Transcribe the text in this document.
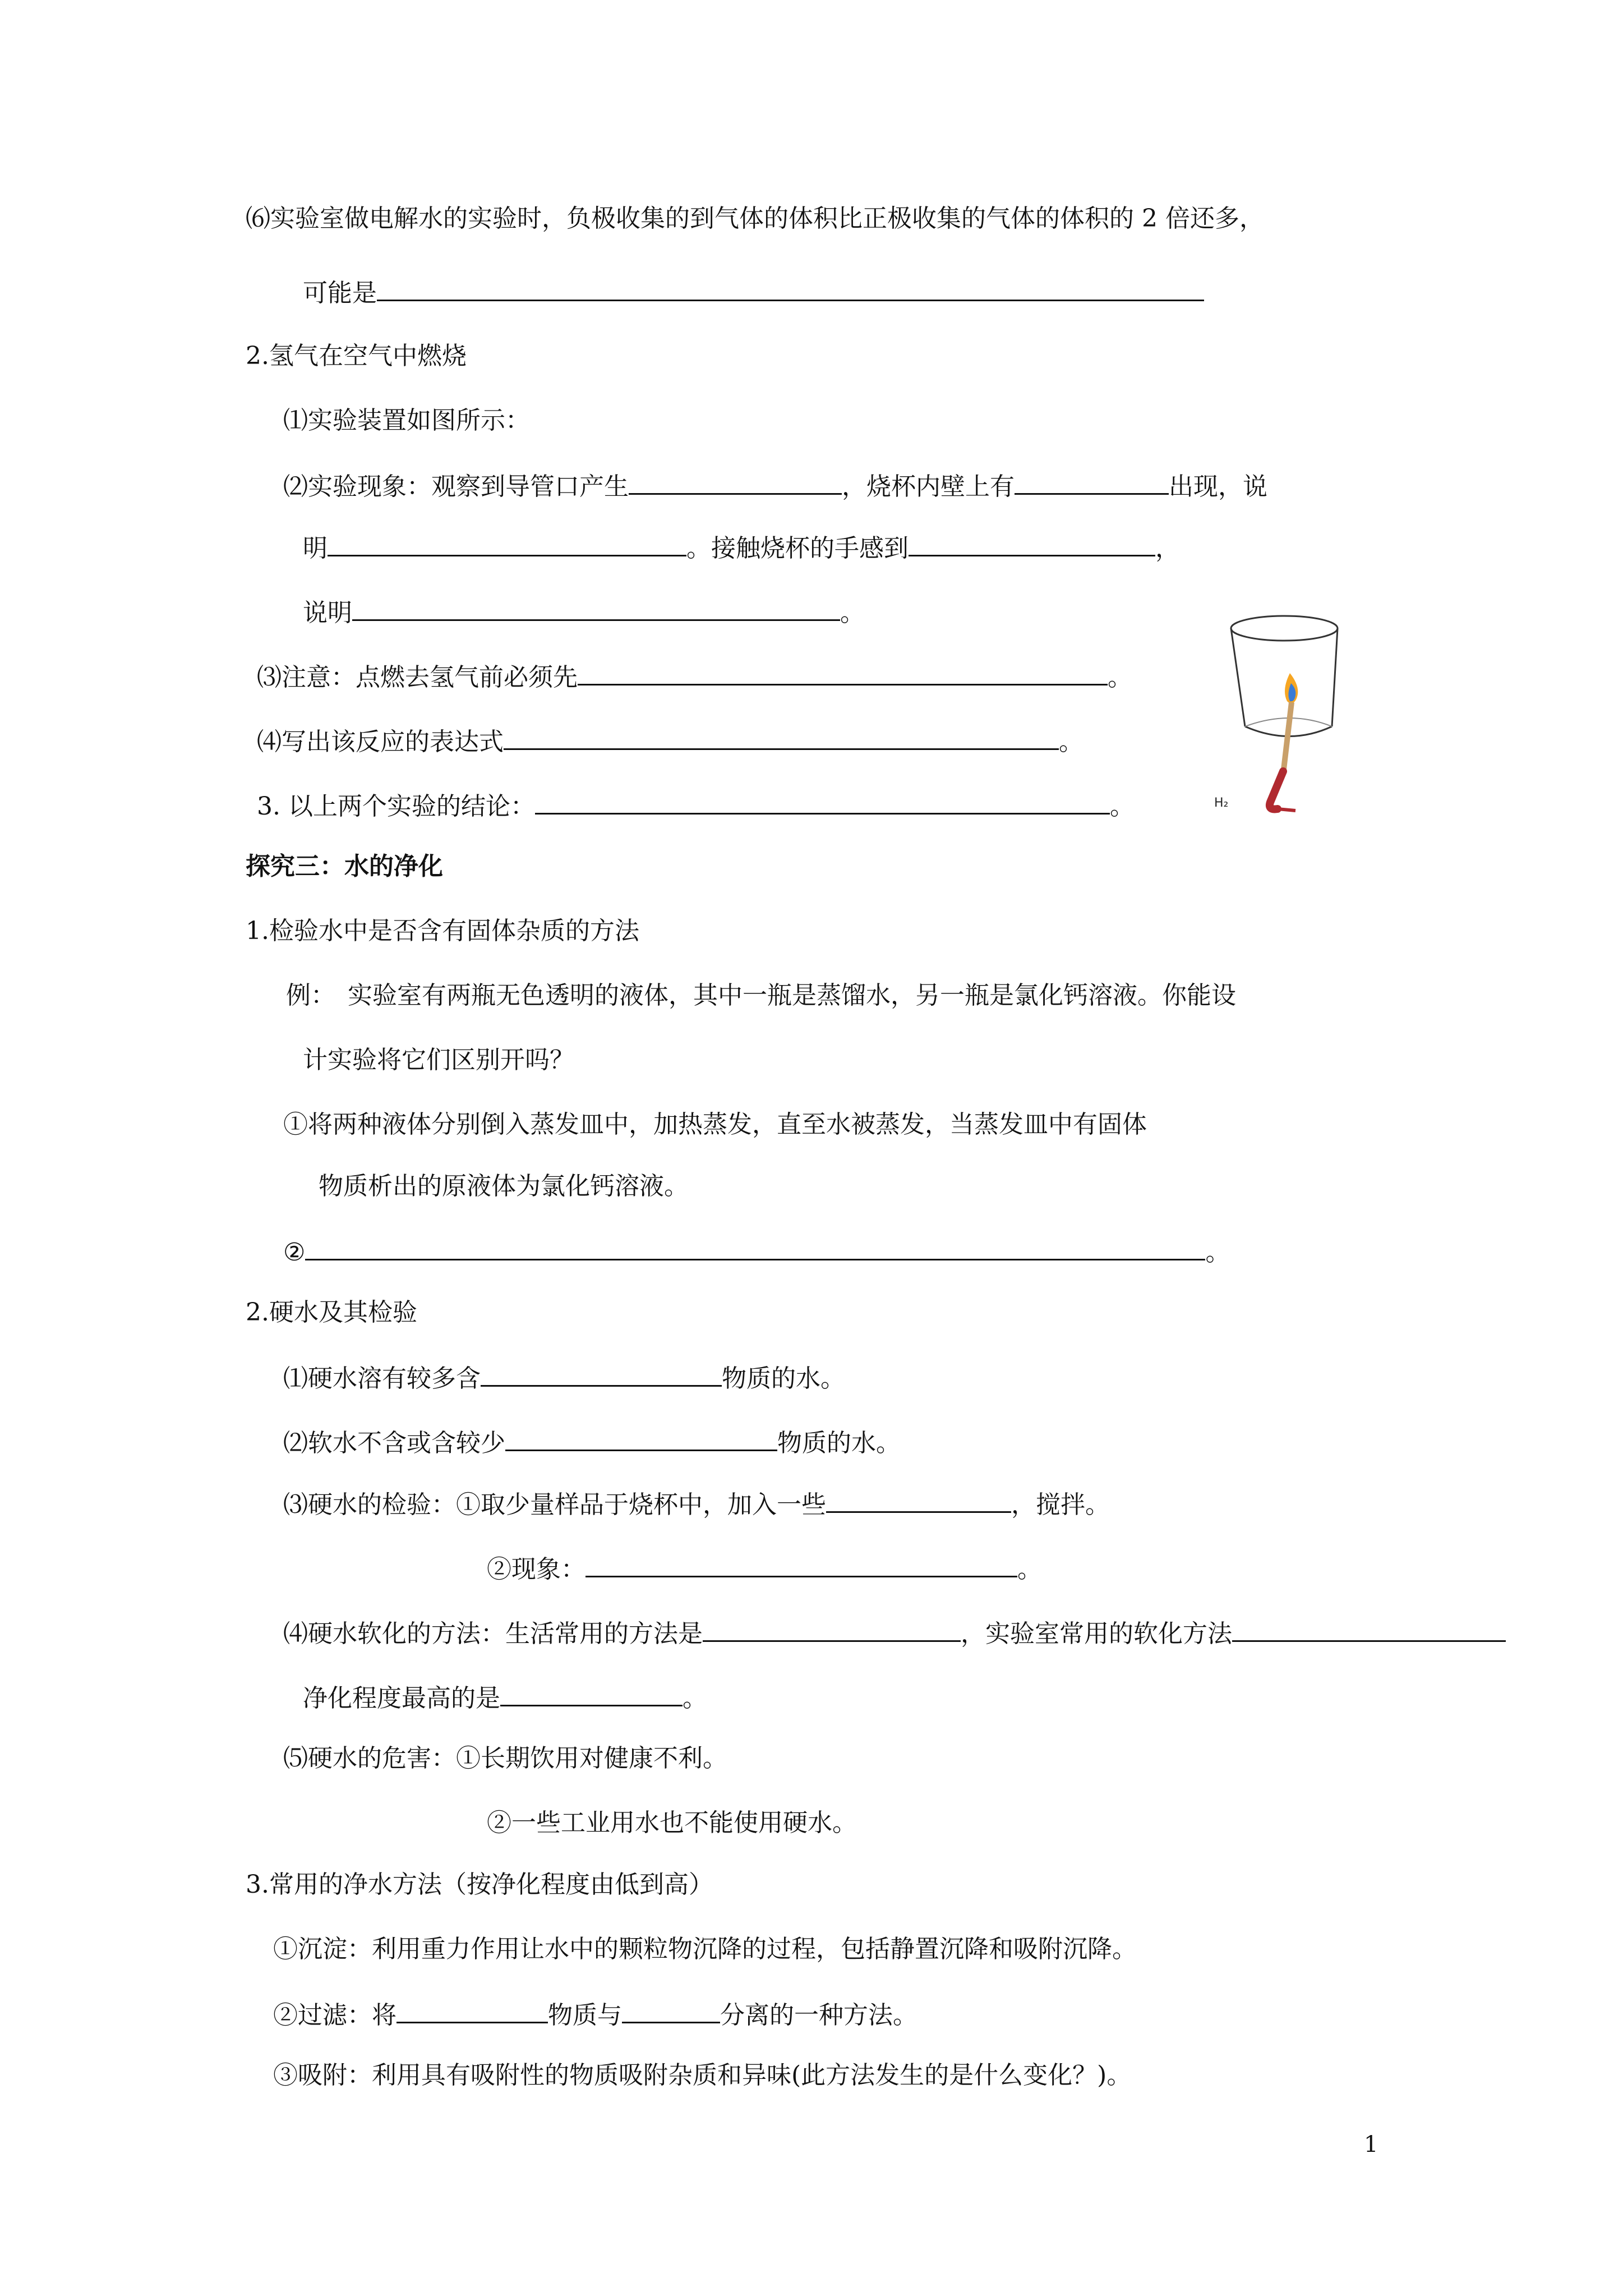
⑹实验室做电解水的实验时，负极收集的到气体的体积比正极收集的气体的体积的 2 倍还多，
可能是
2.氢气在空气中燃烧
⑴实验装置如图所示：
⑵实验现象：观察到导管口产生	，烧杯内壁上有	出现，说
明	。接触烧杯的手感到	，
说明	。
⑶注意：点燃去氢气前必须先	。
⑷写出该反应的表达式	。
3. 以上两个实验的结论：	。	H₂
探究三：水的净化
1.检验水中是否含有固体杂质的方法
例：　实验室有两瓶无色透明的液体，其中一瓶是蒸馏水，另一瓶是氯化钙溶液。你能设
计实验将它们区别开吗？
①将两种液体分别倒入蒸发皿中，加热蒸发，直至水被蒸发，当蒸发皿中有固体
物质析出的原液体为氯化钙溶液。
②	。
2.硬水及其检验
⑴硬水溶有较多含	物质的水。
⑵软水不含或含较少	物质的水。
⑶硬水的检验：①取少量样品于烧杯中，加入一些	，搅拌。
②现象：	。
⑷硬水软化的方法：生活常用的方法是	，实验室常用的软化方法
净化程度最高的是	。
⑸硬水的危害：①长期饮用对健康不利。
②一些工业用水也不能使用硬水。
3.常用的净水方法（按净化程度由低到高）
①沉淀：利用重力作用让水中的颗粒物沉降的过程，包括静置沉降和吸附沉降。
②过滤：将	物质与	分离的一种方法。
③吸附：利用具有吸附性的物质吸附杂质和异味(此方法发生的是什么变化？)。
1
